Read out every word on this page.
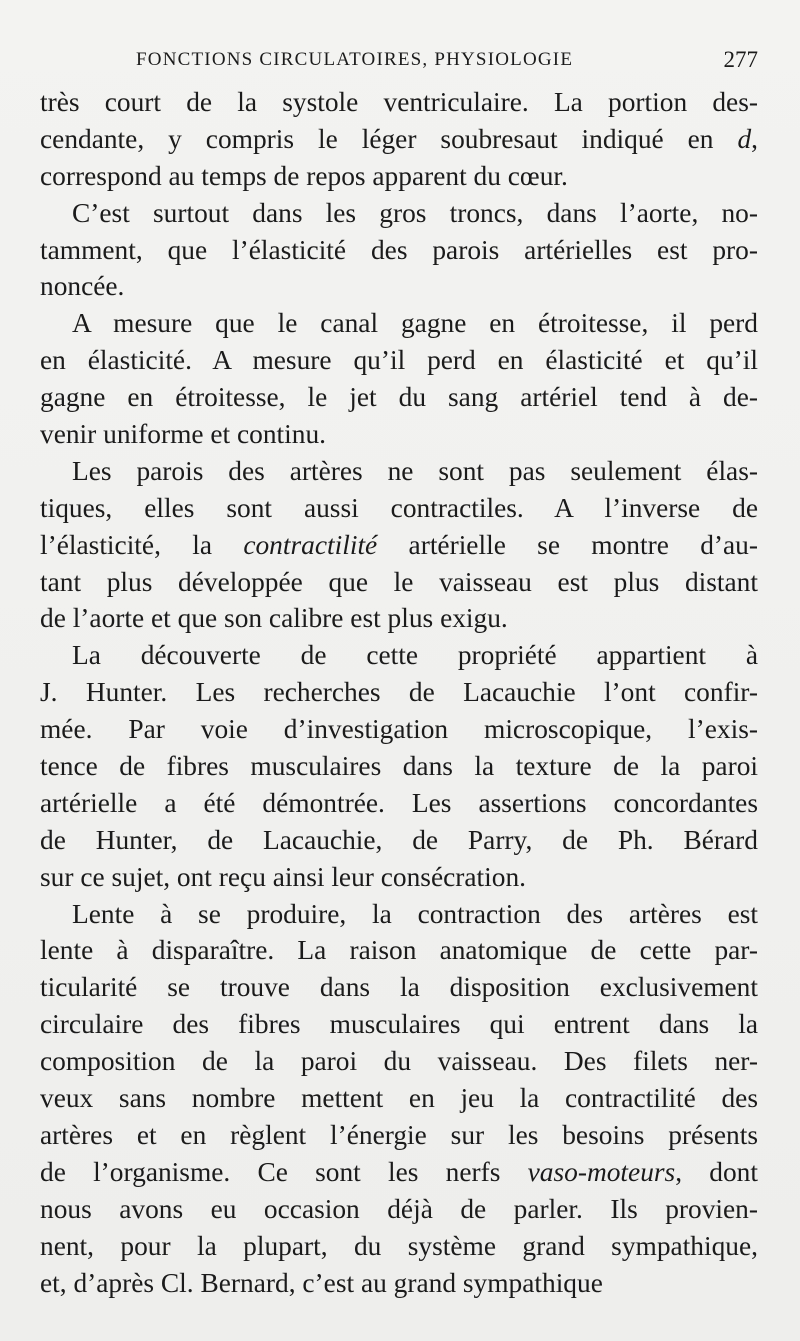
FONCTIONS CIRCULATOIRES, PHYSIOLOGIE	277

très court de la systole ventriculaire. La portion des-
cendante, y compris le léger soubresaut indiqué en d,
correspond au temps de repos apparent du cœur.

C’est surtout dans les gros troncs, dans l’aorte, no-
tamment, que l’élasticité des parois artérielles est pro-
noncée.

A mesure que le canal gagne en étroitesse, il perd
en élasticité. A mesure qu’il perd en élasticité et qu’il
gagne en étroitesse, le jet du sang artériel tend à de-
venir uniforme et continu.

Les parois des artères ne sont pas seulement élas-
tiques, elles sont aussi contractiles. A l’inverse de
l’élasticité, la contractilité artérielle se montre d’au-
tant plus développée que le vaisseau est plus distant
de l’aorte et que son calibre est plus exigu.

La découverte de cette propriété appartient à
J. Hunter. Les recherches de Lacauchie l’ont confir-
mée. Par voie d’investigation microscopique, l’exis-
tence de fibres musculaires dans la texture de la paroi
artérielle a été démontrée. Les assertions concordantes
de Hunter, de Lacauchie, de Parry, de Ph. Bérard
sur ce sujet, ont reçu ainsi leur consécration.

Lente à se produire, la contraction des artères est
lente à disparaître. La raison anatomique de cette par-
ticularité se trouve dans la disposition exclusivement
circulaire des fibres musculaires qui entrent dans la
composition de la paroi du vaisseau. Des filets ner-
veux sans nombre mettent en jeu la contractilité des
artères et en règlent l’énergie sur les besoins présents
de l’organisme. Ce sont les nerfs vaso-moteurs, dont
nous avons eu occasion déjà de parler. Ils provien-
nent, pour la plupart, du système grand sympathique,
et, d’après Cl. Bernard, c’est au grand sympathique
